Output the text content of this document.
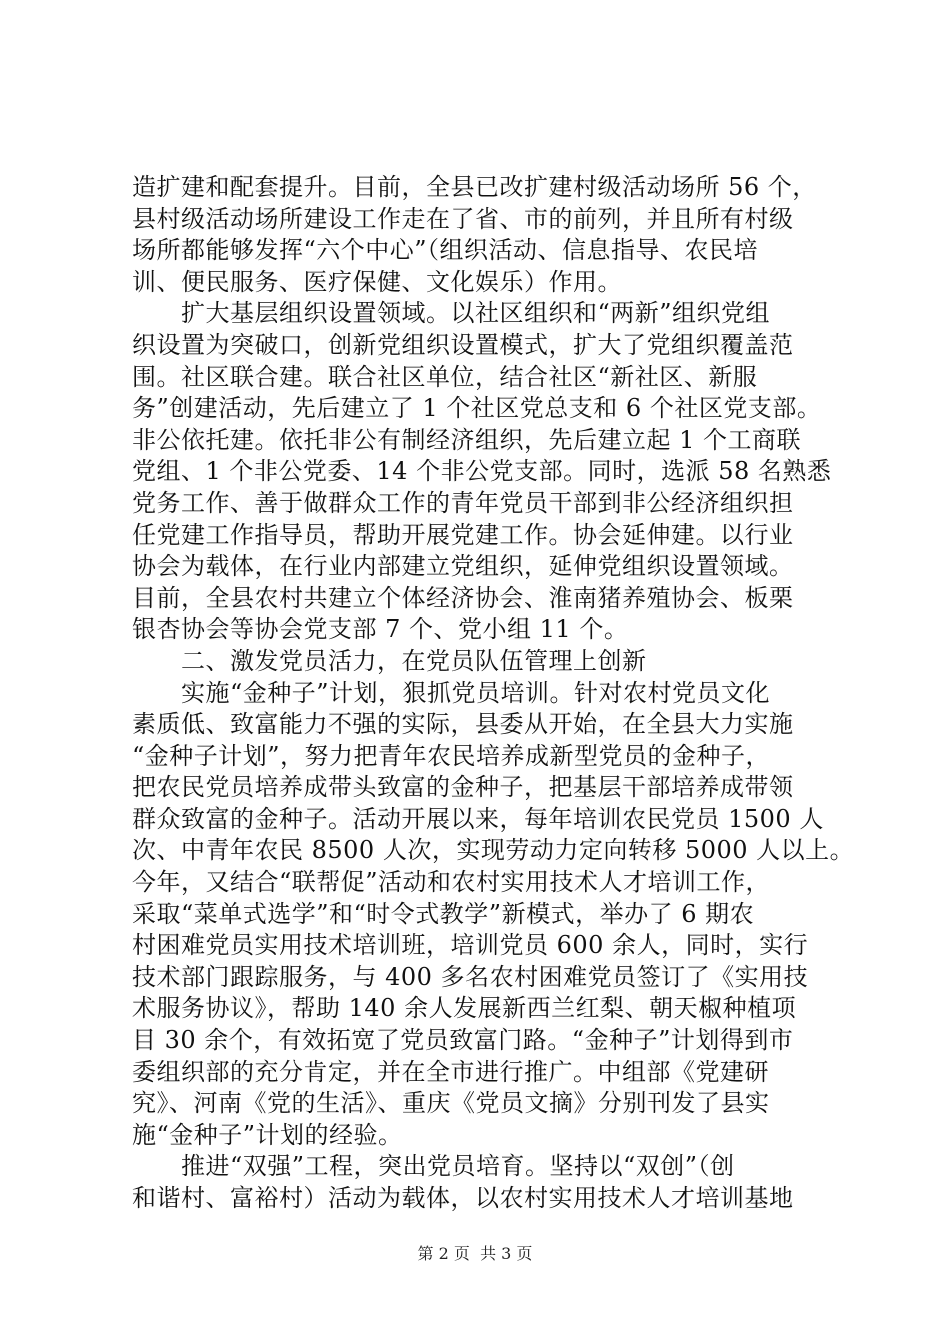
造扩建和配套提升。目前，全县已改扩建村级活动场所 56 个，
县村级活动场所建设工作走在了省、市的前列，并且所有村级
场所都能够发挥“六个中心”（组织活动、信息指导、农民培
训、便民服务、医疗保健、文化娱乐）作用。
　　扩大基层组织设置领域。以社区组织和“两新”组织党组
织设置为突破口，创新党组织设置模式，扩大了党组织覆盖范
围。社区联合建。联合社区单位，结合社区“新社区、新服
务”创建活动，先后建立了 1 个社区党总支和 6 个社区党支部。
非公依托建。依托非公有制经济组织，先后建立起 1 个工商联
党组、1 个非公党委、14 个非公党支部。同时，选派 58 名熟悉
党务工作、善于做群众工作的青年党员干部到非公经济组织担
任党建工作指导员，帮助开展党建工作。协会延伸建。以行业
协会为载体，在行业内部建立党组织，延伸党组织设置领域。
目前，全县农村共建立个体经济协会、淮南猪养殖协会、板栗
银杏协会等协会党支部 7 个、党小组 11 个。
　　二、激发党员活力，在党员队伍管理上创新
　　实施“金种子”计划，狠抓党员培训。针对农村党员文化
素质低、致富能力不强的实际，县委从开始，在全县大力实施
“金种子计划”，努力把青年农民培养成新型党员的金种子，
把农民党员培养成带头致富的金种子，把基层干部培养成带领
群众致富的金种子。活动开展以来，每年培训农民党员 1500 人
次、中青年农民 8500 人次，实现劳动力定向转移 5000 人以上。
今年，又结合“联帮促”活动和农村实用技术人才培训工作，
采取“菜单式选学”和“时令式教学”新模式，举办了 6 期农
村困难党员实用技术培训班，培训党员 600 余人，同时，实行
技术部门跟踪服务，与 400 多名农村困难党员签订了《实用技
术服务协议》，帮助 140 余人发展新西兰红梨、朝天椒种植项
目 30 余个，有效拓宽了党员致富门路。“金种子”计划得到市
委组织部的充分肯定，并在全市进行推广。中组部《党建研
究》、河南《党的生活》、重庆《党员文摘》分别刊发了县实
施“金种子”计划的经验。
　　推进“双强”工程，突出党员培育。坚持以“双创”（创
和谐村、富裕村）活动为载体，以农村实用技术人才培训基地
第 2 页  共 3 页
